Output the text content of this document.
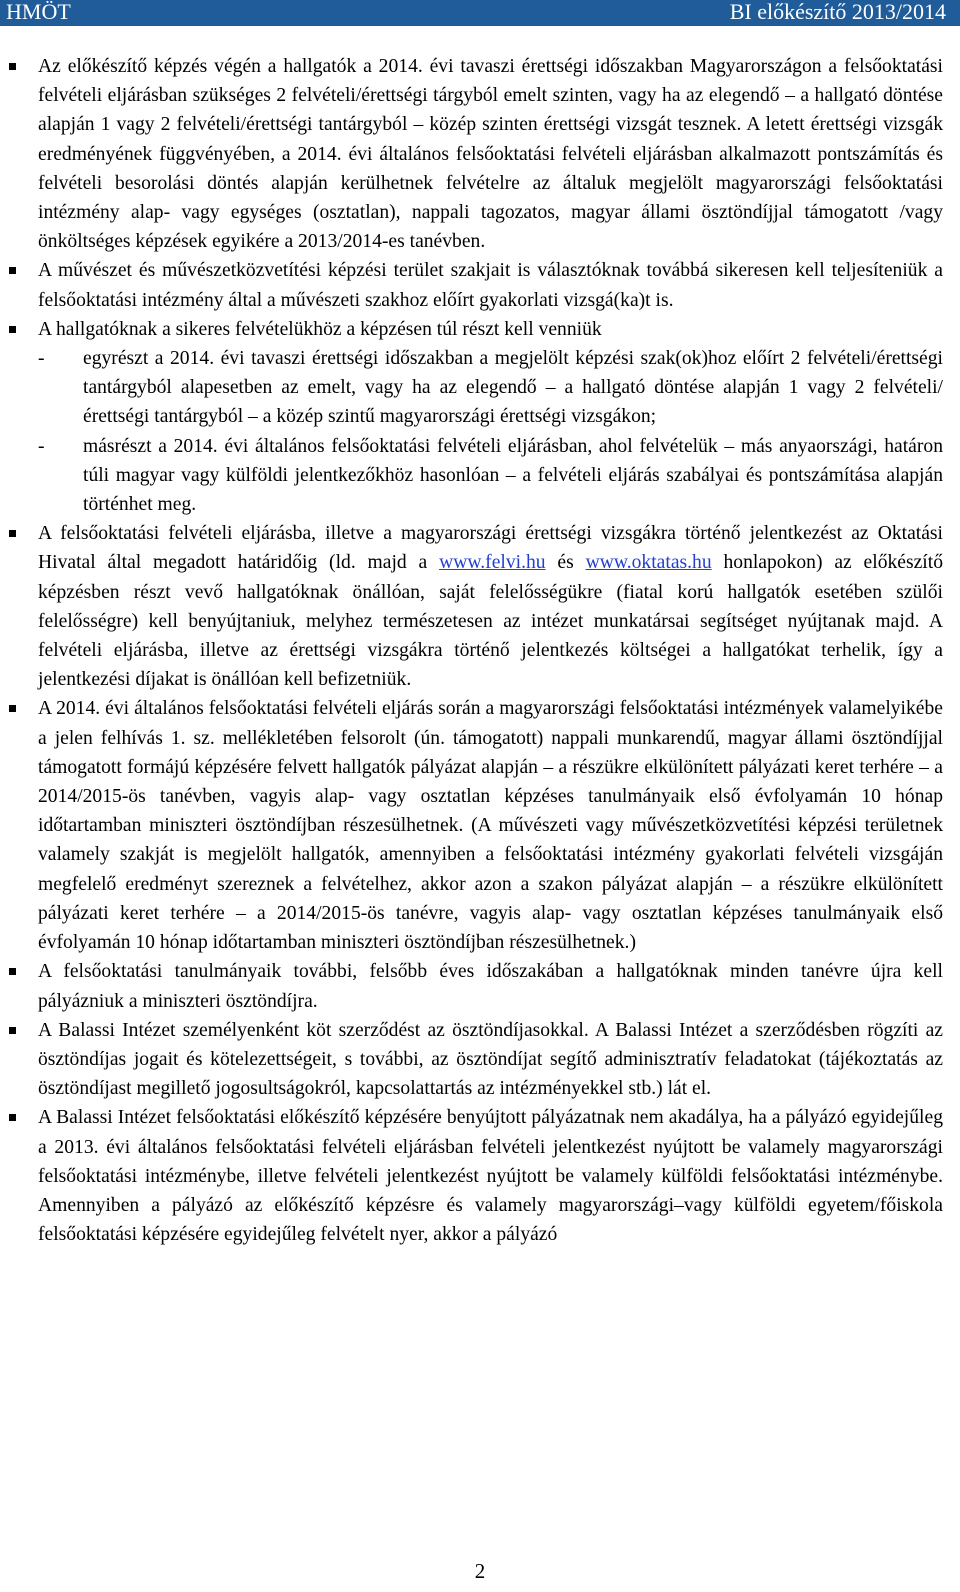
HMÖT	BI előkészítő 2013/2014
Az előkészítő képzés végén a hallgatók a 2014. évi tavaszi érettségi időszakban Magyarországon a felsőoktatási felvételi eljárásban szükséges 2 felvételi/érettségi tárgyból emelt szinten, vagy ha az elegendő – a hallgató döntése alapján 1 vagy 2 felvételi/érettségi tantárgyból – közép szinten érettségi vizsgát tesznek. A letett érettségi vizsgák eredményének függvényében, a 2014. évi általános felsőoktatási felvételi eljárásban alkalmazott pontszámítás és felvételi besorolási döntés alapján kerülhetnek felvételre az általuk megjelölt magyarországi felsőoktatási intézmény alap- vagy egységes (osztatlan), nappali tagozatos, magyar állami ösztöndíjjal támogatott /vagy önköltséges képzések egyikére a 2013/2014-es tanévben.
A művészet és művészetközvetítési képzési terület szakjait is választóknak továbbá sikeresen kell teljesíteniük a felsőoktatási intézmény által a művészeti szakhoz előírt gyakorlati vizsgá(ka)t is.
A hallgatóknak a sikeres felvételükhöz a képzésen túl részt kell venniük
- egyrészt a 2014. évi tavaszi érettségi időszakban a megjelölt képzési szak(ok)hoz előírt 2 felvételi/érettségi tantárgyból alapesetben az emelt, vagy ha az elegendő – a hallgató döntése alapján 1 vagy 2 felvételi/érettségi tantárgyból – a közép szintű magyarországi érettségi vizsgákon;
- másrészt a 2014. évi általános felsőoktatási felvételi eljárásban, ahol felvételük – más anyaországi, határon túli magyar vagy külföldi jelentkezőkhöz hasonlóan – a felvételi eljárás szabályai és pontszámítása alapján történhet meg.
A felsőoktatási felvételi eljárásba, illetve a magyarországi érettségi vizsgákra történő jelentkezést az Oktatási Hivatal által megadott határidőig (ld. majd a www.felvi.hu és www.oktatas.hu honlapokon) az előkészítő képzésben részt vevő hallgatóknak önállóan, saját felelősségükre (fiatal korú hallgatók esetében szülői felelősségre) kell benyújtaniuk, melyhez természetesen az intézet munkatársai segítséget nyújtanak majd. A felvételi eljárásba, illetve az érettségi vizsgákra történő jelentkezés költségei a hallgatókat terhelik, így a jelentkezési díjakat is önállóan kell befizetniük.
A 2014. évi általános felsőoktatási felvételi eljárás során a magyarországi felsőoktatási intézmények valamelyikébe a jelen felhívás 1. sz. mellékletében felsorolt (ún. támogatott) nappali munkarendű, magyar állami ösztöndíjjal támogatott formájú képzésére felvett hallgatók pályázat alapján – a részükre elkülönített pályázati keret terhére – a 2014/2015-ös tanévben, vagyis alap- vagy osztatlan képzéses tanulmányaik első évfolyamán 10 hónap időtartamban miniszteri ösztöndíjban részesülhetnek. (A művészeti vagy művészetközvetítési képzési területnek valamely szakját is megjelölt hallgatók, amennyiben a felsőoktatási intézmény gyakorlati felvételi vizsgáján megfelelő eredményt szereznek a felvételhez, akkor azon a szakon pályázat alapján – a részükre elkülönített pályázati keret terhére – a 2014/2015-ös tanévre, vagyis alap- vagy osztatlan képzéses tanulmányaik első évfolyamán 10 hónap időtartamban miniszteri ösztöndíjban részesülhetnek.)
A felsőoktatási tanulmányaik további, felsőbb éves időszakában a hallgatóknak minden tanévre újra kell pályázniuk a miniszteri ösztöndíjra.
A Balassi Intézet személyenként köt szerződést az ösztöndíjasokkal. A Balassi Intézet a szerződésben rögzíti az ösztöndíjas jogait és kötelezettségeit, s további, az ösztöndíjat segítő adminisztratív feladatokat (tájékoztatás az ösztöndíjast megillető jogosultságokról, kapcsolattartás az intézményekkel stb.) lát el.
A Balassi Intézet felsőoktatási előkészítő képzésére benyújtott pályázatnak nem akadálya, ha a pályázó egyidejűleg a 2013. évi általános felsőoktatási felvételi eljárásban felvételi jelentkezést nyújtott be valamely magyarországi felsőoktatási intézménybe, illetve felvételi jelentkezést nyújtott be valamely külföldi felsőoktatási intézménybe. Amennyiben a pályázó az előkészítő képzésre és valamely magyarországi–vagy külföldi egyetem/főiskola felsőoktatási képzésére egyidejűleg felvételt nyer, akkor a pályázó
2
